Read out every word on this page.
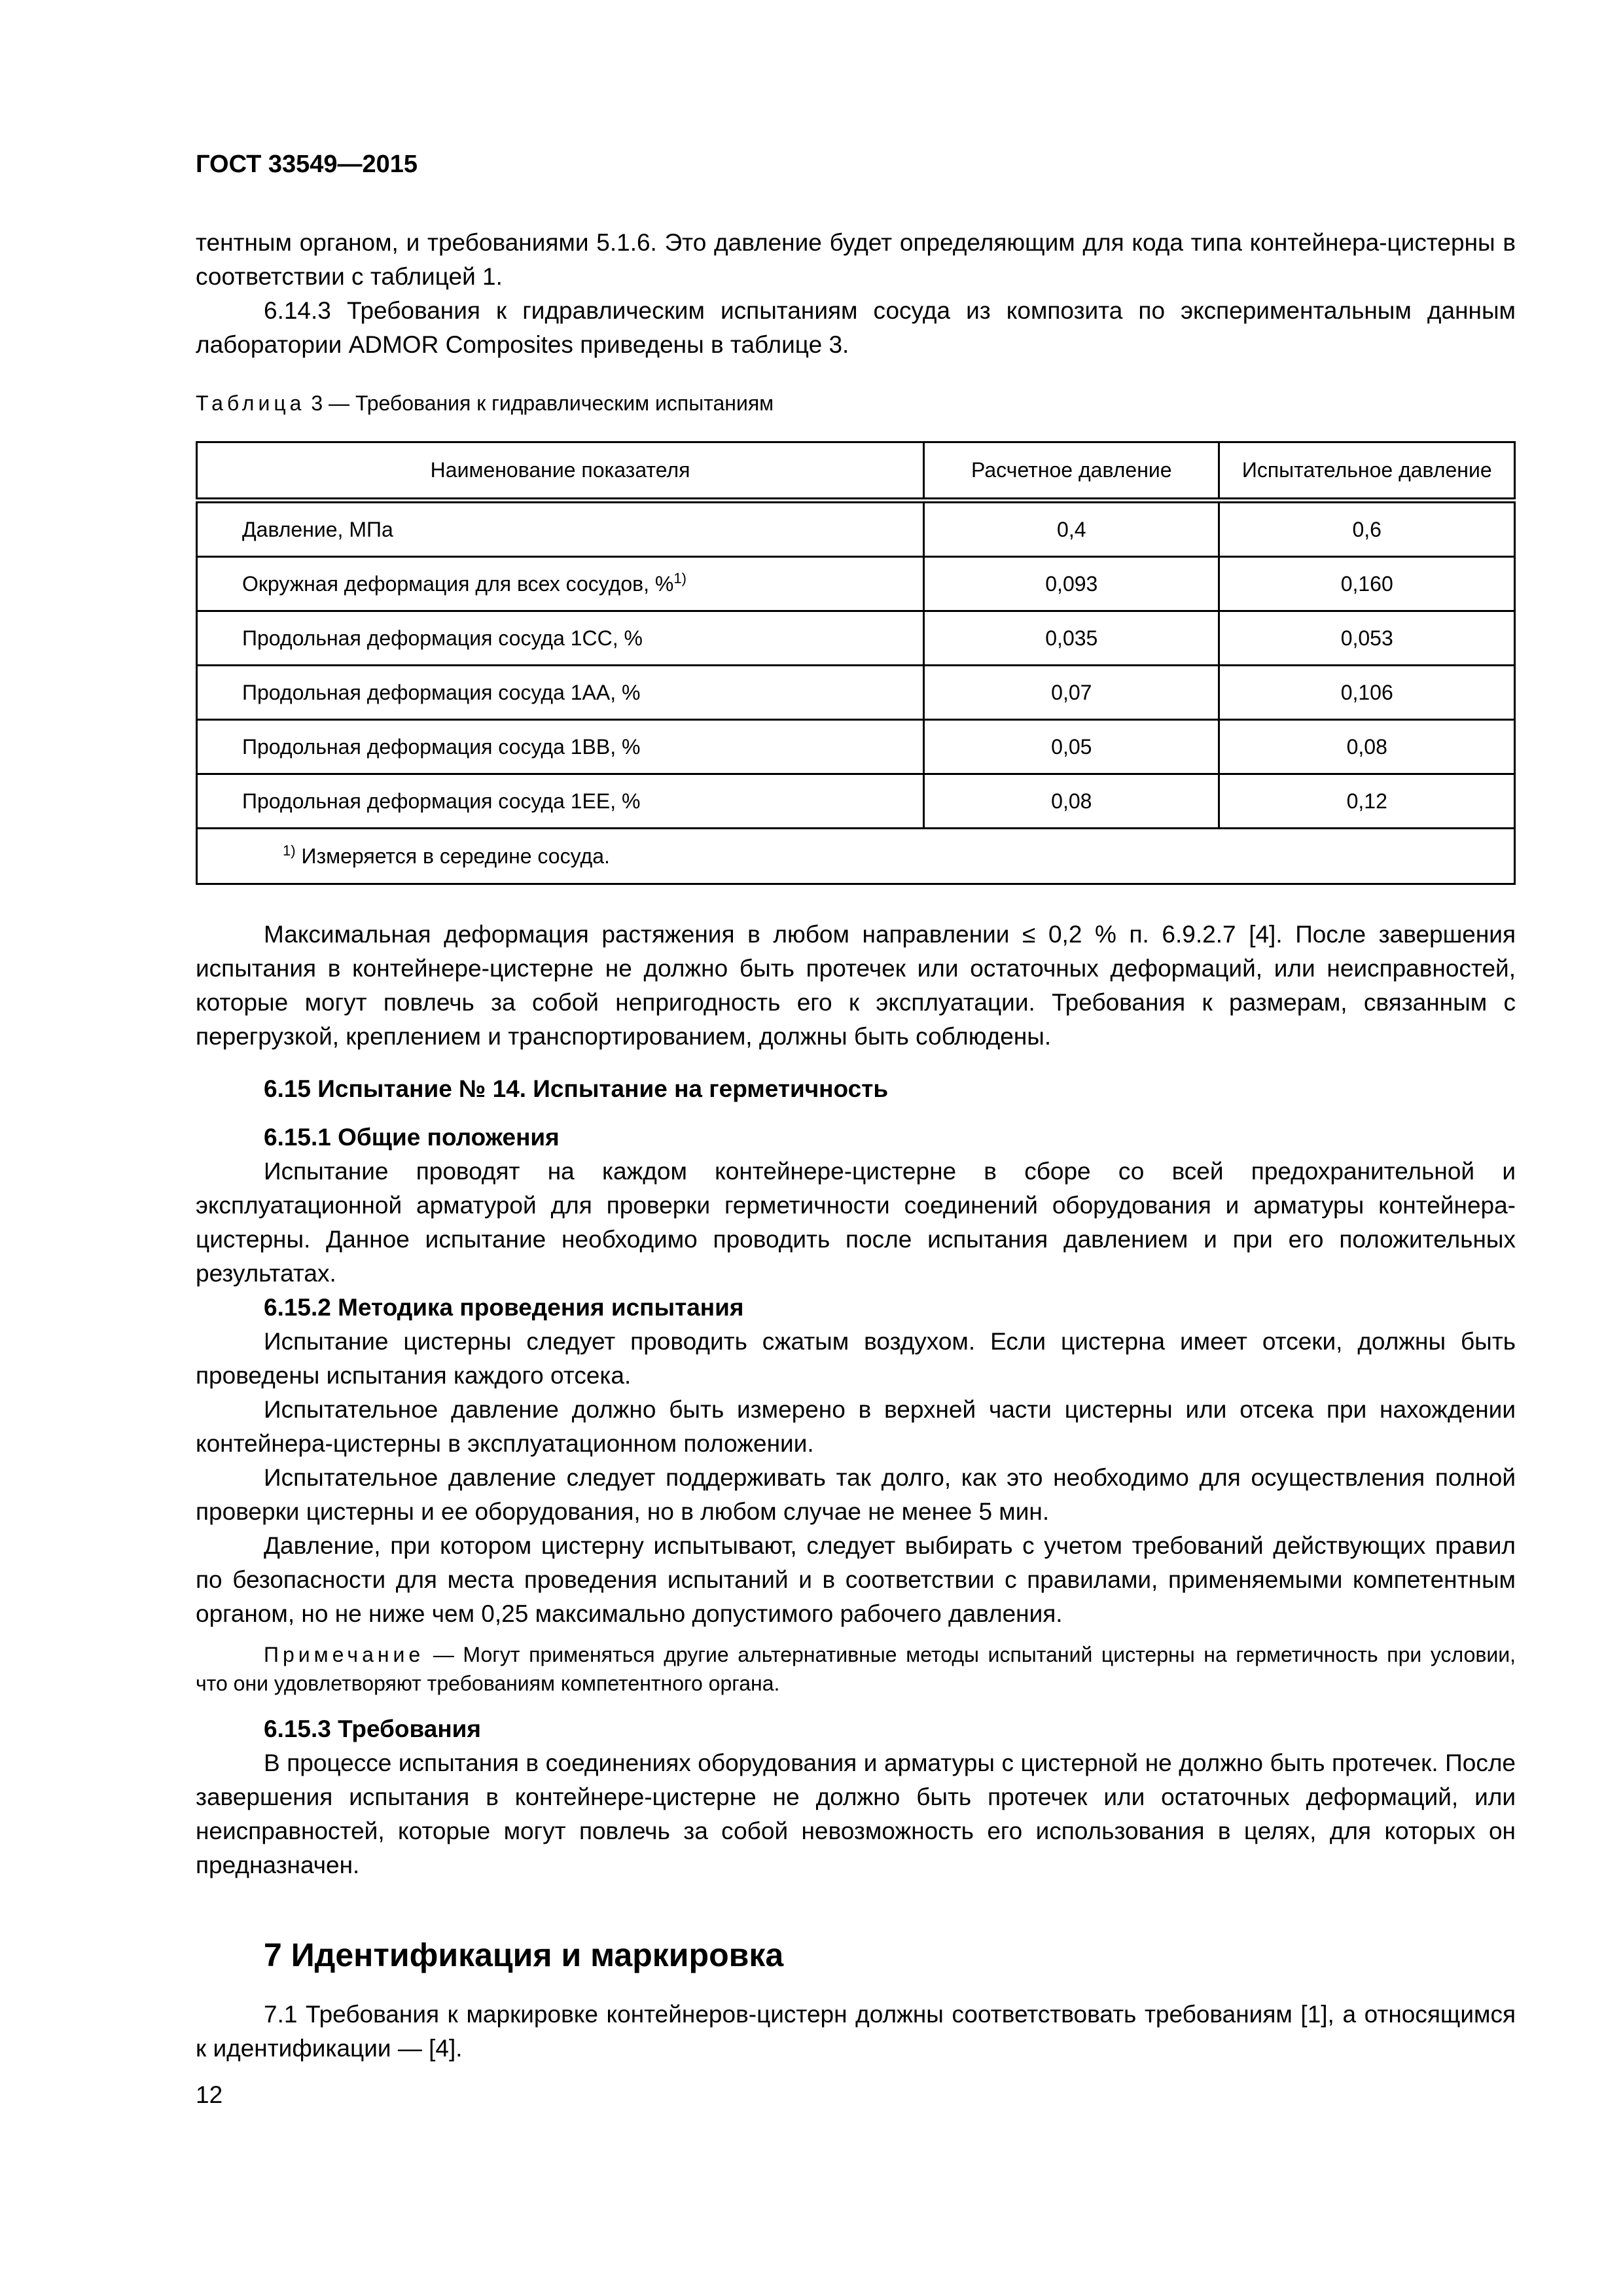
ГОСТ 33549—2015

тентным органом, и требованиями 5.1.6. Это давление будет определяющим для кода типа контейнера-цистерны в соответствии с таблицей 1.

6.14.3 Требования к гидравлическим испытаниям сосуда из композита по экспериментальным данным лаборатории ADMOR Composites приведены в таблице 3.

Таблица 3 — Требования к гидравлическим испытаниям
Наименование показателя	Расчетное давление	Испытательное давление
Давление, МПа	0,4	0,6
Окружная деформация для всех сосудов, %$^{1)}$	0,093	0,160
Продольная деформация сосуда 1СС, %	0,035	0,053
Продольная деформация сосуда 1АА, %	0,07	0,106
Продольная деформация сосуда 1ВВ, %	0,05	0,08
Продольная деформация сосуда 1ЕЕ, %	0,08	0,12
$^{1)}$ Измеряется в середине сосуда.		

Максимальная деформация растяжения в любом направлении ≤ 0,2 % п. 6.9.2.7 [4]. После завершения испытания в контейнере-цистерне не должно быть протечек или остаточных деформаций, или неисправностей, которые могут повлечь за собой непригодность его к эксплуатации. Требования к размерам, связанным с перегрузкой, креплением и транспортированием, должны быть соблюдены.

6.15 Испытание № 14. Испытание на герметичность

6.15.1 Общие положения

Испытание проводят на каждом контейнере-цистерне в сборе со всей предохранительной и эксплуатационной арматурой для проверки герметичности соединений оборудования и арматуры контейнера-цистерны. Данное испытание необходимо проводить после испытания давлением и при его положительных результатах.

6.15.2 Методика проведения испытания

Испытание цистерны следует проводить сжатым воздухом. Если цистерна имеет отсеки, должны быть проведены испытания каждого отсека.

Испытательное давление должно быть измерено в верхней части цистерны или отсека при нахождении контейнера-цистерны в эксплуатационном положении.

Испытательное давление следует поддерживать так долго, как это необходимо для осуществления полной проверки цистерны и ее оборудования, но в любом случае не менее 5 мин.

Давление, при котором цистерну испытывают, следует выбирать с учетом требований действующих правил по безопасности для места проведения испытаний и в соответствии с правилами, применяемыми компетентным органом, но не ниже чем 0,25 максимально допустимого рабочего давления.

Примечание — Могут применяться другие альтернативные методы испытаний цистерны на герметичность при условии, что они удовлетворяют требованиям компетентного органа.

6.15.3 Требования

В процессе испытания в соединениях оборудования и арматуры с цистерной не должно быть протечек. После завершения испытания в контейнере-цистерне не должно быть протечек или остаточных деформаций, или неисправностей, которые могут повлечь за собой невозможность его использования в целях, для которых он предназначен.

7 Идентификация и маркировка

7.1 Требования к маркировке контейнеров-цистерн должны соответствовать требованиям [1], а относящимся к идентификации — [4].

12
